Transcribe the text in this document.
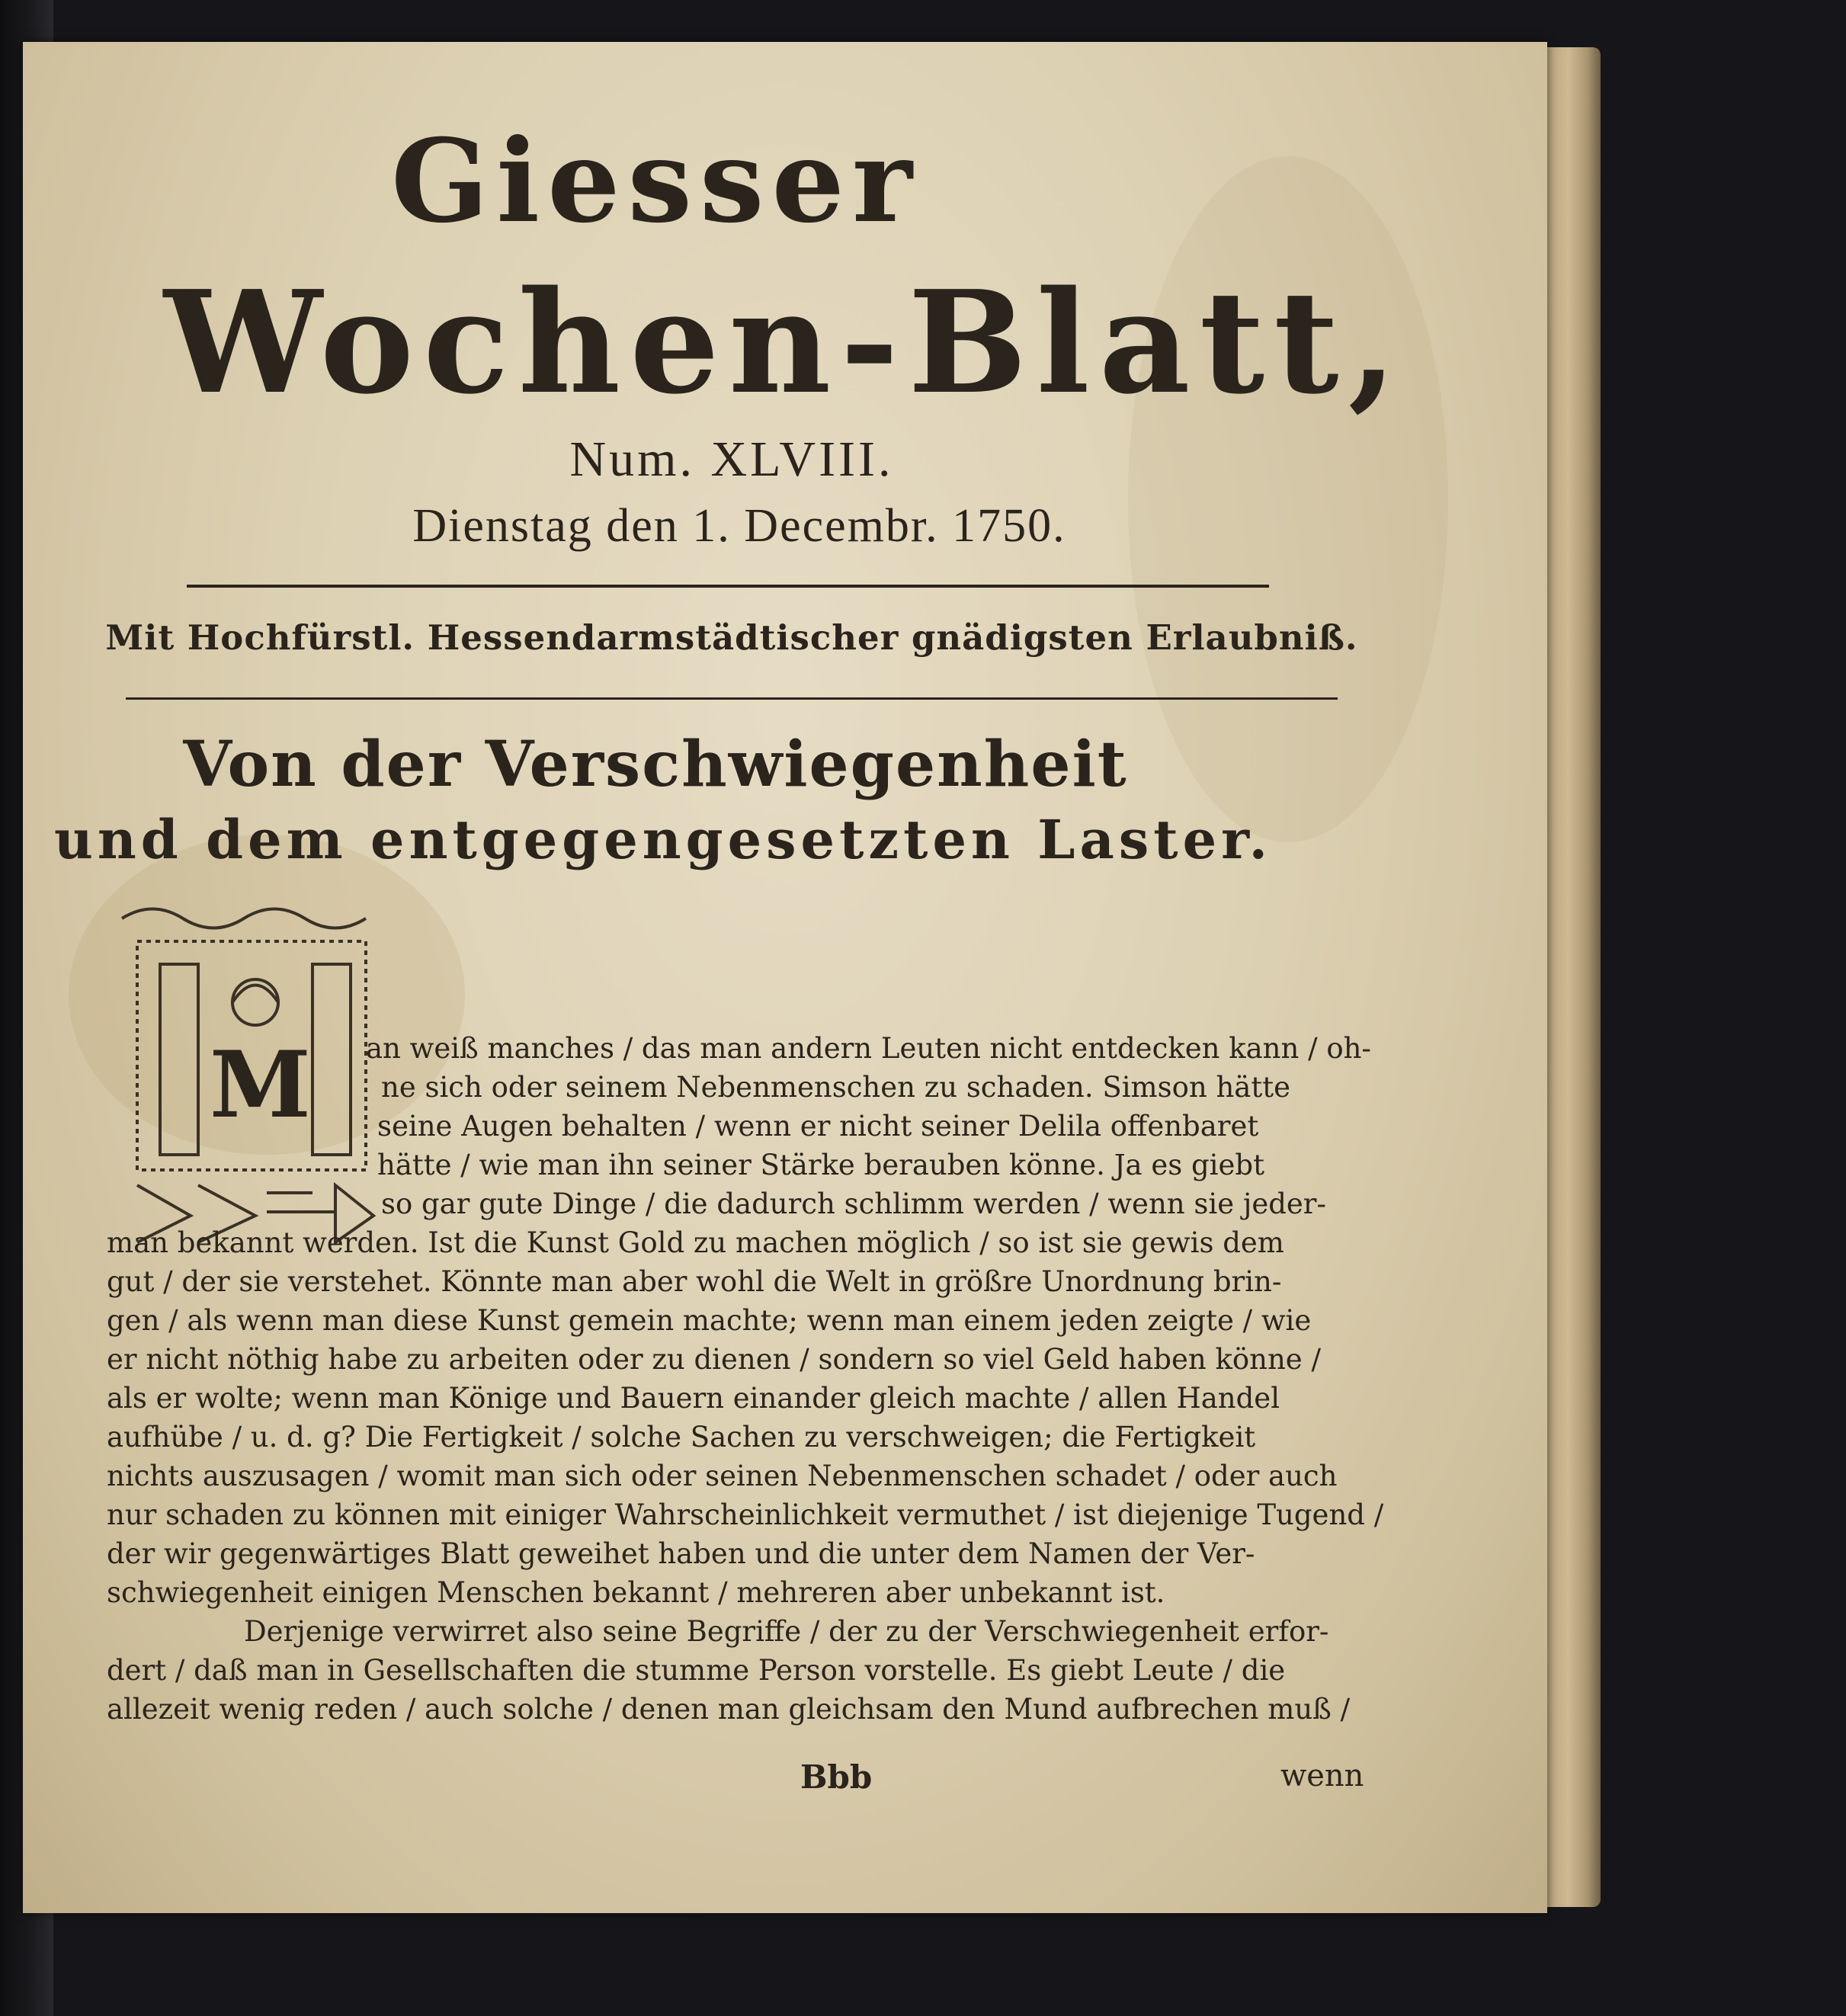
Giesser
Wochen-Blatt,
Num. XLVIII.
Dienstag den 1. Decembr. 1750.
Mit Hochfürstl. Hessendarmstädtischer gnädigsten Erlaubniß.
Von der Verschwiegenheit
und dem entgegengesetzten Laster.
M an weiß manches / das man andern Leuten nicht entdecken kann / oh-
ne sich oder seinem Nebenmenschen zu schaden. Simson hätte
seine Augen behalten / wenn er nicht seiner Delila offenbaret
hätte / wie man ihn seiner Stärke berauben könne. Ja es giebt
so gar gute Dinge / die dadurch schlimm werden / wenn sie jeder-
man bekannt werden. Ist die Kunst Gold zu machen möglich / so ist sie gewis dem
gut / der sie verstehet. Könnte man aber wohl die Welt in größre Unordnung brin-
gen / als wenn man diese Kunst gemein machte; wenn man einem jeden zeigte / wie
er nicht nöthig habe zu arbeiten oder zu dienen / sondern so viel Geld haben könne /
als er wolte; wenn man Könige und Bauern einander gleich machte / allen Handel
aufhübe / u. d. g? Die Fertigkeit / solche Sachen zu verschweigen; die Fertigkeit
nichts auszusagen / womit man sich oder seinen Nebenmenschen schadet / oder auch
nur schaden zu können mit einiger Wahrscheinlichkeit vermuthet / ist diejenige Tugend /
der wir gegenwärtiges Blatt geweihet haben und die unter dem Namen der Ver-
schwiegenheit einigen Menschen bekannt / mehreren aber unbekannt ist.
Derjenige verwirret also seine Begriffe / der zu der Verschwiegenheit erfor-
dert / daß man in Gesellschaften die stumme Person vorstelle. Es giebt Leute / die
allezeit wenig reden / auch solche / denen man gleichsam den Mund aufbrechen muß /
Bbb	wenn
